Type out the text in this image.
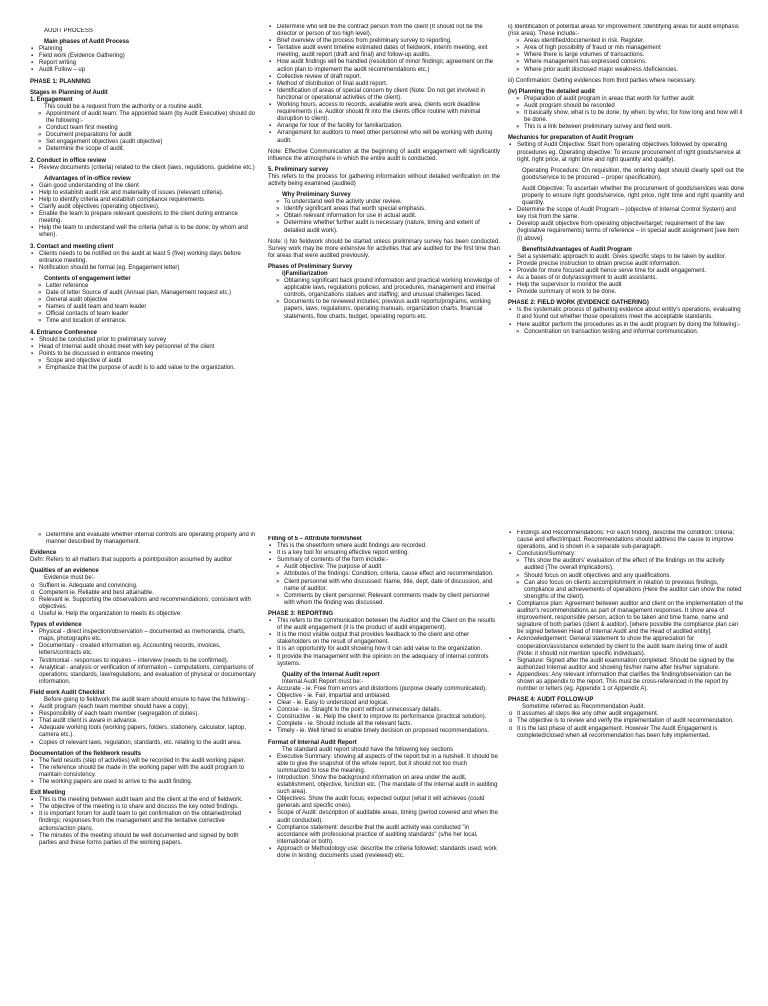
AUDIT PROCESS
Main phases of Audit Process
▪ Planning
▪ Field work (Evidence Gathering)
▪ Report writing
▪ Audit Follow – up
PHASE 1: PLANNING
Stages in Planning of Audit
1. Engagement
This could be a request from the authority or a routine audit.
» Appointment of audit team: The appointed team (by Audit Executive) should do the following:-
» Conduct team first meeting
» Document preparations for audit
» Set engagement objectives (audit objective)
» Determine the scope of audit.
2. Conduct in office review
▪ Review documents (criteria) related to the client (laws, regulations, guideline etc.)
Advantages of in-office review
▪ Gain good understanding of the client
▪ Help to establish audit risk and materiality of issues (relevant criteria).
▪ Help to identify criteria and establish compliance requirements
▪ Clarify audit objectives (operating objectives).
▪ Enable the team to prepare relevant questions to the client during entrance meeting.
▪ Help the team to understand well the criteria (what is to be done; by whom and when).
3. Contact and meeting client
▪ Clients needs to be notified on the audit at least 5 (five) working days before entrance meeting.
▪ Notification should be formal (eg. Engagement letter)
Contents of engagement letter
» Letter reference
» Date of letter Source of audit (Annual plan, Management request etc.)
» General audit objective
» Names of audit team and team leader
» Official contacts of team leader
» Time and location of entrance.
4. Entrance Conference
▪ Should be conducted prior to preliminary survey
▪ Head of Internal audit should meet with key personnel of the client
▪ Points to be discussed in entrance meeting
» Scope and objective of audit
» Emphasize that the purpose of audit is to add value to the organization.
▪ Determine who will be the contract person from the client (It should not be the director or person of too high level).
▪ Brief overview of the process from preliminary survey to reporting.
▪ Tentative audit event timeline estimated dates of fieldwork, interim meeting, exit meeting, audit report (draft and final) and follow-up audits.
▪ How audit findings will be handled (resolution of minor findings; agreement on the action plan to implement the audit recommendations etc.)
▪ Collective review of draft report.
▪ Method of distribution of final audit report.
▪ Identification of areas of special concern by client (Note: Do not get involved in functional or operational activities of the client).
▪ Working hours, access to records, available work area, clients work deadline requirements (i.e. Auditor should fit into the clients office routine with minimal disruption to client).
▪ Arrange for tour of the facility for familiarization.
▪ Arrangement for auditors to meet other personnel who will be working with during audit.
Note: Effective Communication at the beginning of audit engagement will significantly influence the atmosphere in which the entire audit is conducted.
5. Preliminary survey
This refers to the process for gathering information without detailed verification on the activity being examined (audited)
Why Preliminary Survey
» To understand well the activity under review.
» Identify significant areas that worth special emphasis.
» Obtain relevant information for use in actual audit.
» Determine whether further audit is necessary (nature, timing and extent of detailed audit work).
Note: i) No fieldwork should be started unless preliminary survey has been conducted. Survey work may be more extensive for activities that are audited for the first time than for areas that were audited previously.
Phases of Preliminary Survey
i)Familiarization
» Obtaining significant back ground information and practical working knowledge of applicable laws, regulations policies, and procedures, management and internal controls, organizations statues and staffing; and unusual challenges faced.
» Documents to be reviewed includes; previous audit reports/programs, working papers, laws, regulations, operating manuals, organization charts, financial statements, flow charts, budget, operating reports etc.
ii) Identification of potential areas for improvement :Identifying areas for audit emphasis (risk area). These include:-
» Areas identified/documented in risk. Register.
» Area of high possibility of fraud or mis management
» Where there is large volumes of transactions.
» Where management has expressed concerns.
» Where prior audit disclosed major weakness /deficiencies.
iii) Confirmation: Getting evidences from third parties where necessary.
(iv) Planning the detailed audit
» Preparation of audit program in areas that worth for further audit
» Audit program should be recorded
» It basically show, what is to be done; by when; by who; for how long and how will it be done.
» This is a link between preliminary survey and field work.
Mechanics for preparation of Audit Program
▪ Setting of Audit Objective: Start from operating objectives followed by operating procedures eg. Operating objective: To ensure procurement of right goods/service at right, right price, at right time and right quantity and quality).
Operating Procedure: On requisition, the ordering dept should clearly spell out the goods/service to be procured – proper specification).
Audit Objective: To ascertain whether the procurement of goods/services was done properly to ensure right goods/service, right price, right time and right quantity and quantity.
▪ Determine the scope of Audit Program – (objective of Internal Control System) and key risk from the same.
▪ Develop audit objective from operating objective/target; requirement of the law (legislative requirements) terms of reference – in special audit assignment [see item (i) above].
Benefits/Advantages of Audit Program
▪ Set a systematic approach to audit. Gives specific steps to be taken by auditor.
▪ Provide precise instruction to obtain precise audit information.
▪ Provide for more focused audit hence serve time for audit engagement.
▪ As a bases of or duty/assignment to audit assistants.
▪ Help the supervisor to monitor the audit
▪ Provide summary of work to be done.
PHASE 2: FIELD WORK (EVIDENCE GATHERING)
▪ Is the systematic process of gathering evidence about entity's operations, evaluating it and found out whether those operations meet the acceptable standards.
▪ Here auditor perform the procedures as in the audit program by doing the following:-
» Concentration on transaction testing and informal communication.
» Determine and evaluate whether internal controls are operating properly and in manner described by management.
Evidence
Defn: Refers to all matters that supports a point/position assumed by auditor
Qualities of an evidence
Evidence must be:-
o Suffient ie. Adequate and convincing.
o Competent ie. Reliable and best attainable.
o Relevant ie. Supporting the observations and recommendations; consistent with objectives.
o Useful ie. Help the organization to meets its objective.
Types of evidence
▪ Physical - direct inspection/observation – documented as memoranda, charts, maps, photographs etc.
▪ Documentary - created information eg. Accounting records, invoices, letters/contracts etc.
▪ Testimonial - responses to inquires – interview (needs to be confirmed).
▪ Analytical - analysis or verification of information – computations, comparisons of operations; standards, law/regulations, and evaluation of physical or documentary information.
Field work Audit Checklist
Before going to fieldwork the audit team should ensure to have the following:-
▪ Audit program (each team member should have a copy).
▪ Responsibility of each team member (segregation of duties).
▪ That audit client is aware in advance.
▪ Adequate working tools (working papers, folders, stationery, calculator, laptop, camera etc.).
▪ Copies of relevant laws, regulation, standards, etc. relating to the audit area.
Documentation of the fieldwork results
▪ The field results (step of activities) will be recorded in the audit working paper.
▪ The reference should be made in the working paper with the audit program to maintain consistency.
▪ The working papers are used to arrive to the audit finding.
Exit Meeting
▪ This is the meeting between audit team and the client at the end of fieldwork.
▪ The objective of the meeting is to share and discuss the key noted findings.
▪ It is important forum for audit team to get confirmation on the obtained/noted findings; responses from the management and the tentative corrective actions/action plans.
▪ The minutes of the meeting should be well documented and signed by both parties and these forms parties of the working papers.
Filling of 5 – Attribute form/sheet
▪ This is the sheet/form where audit findings are recorded.
▪ It is a key tool for ensuring effective report writing.
▪ Summary of contents of the form include:-
» Audit objective: The purpose of audit
» Attributes of the findings: Condition, criteria, cause effect and recommendation.
» Client personnel with who discussed: Name, title, dept, date of discussion, and name of auditor.
» Comments by client personnel: Relevant comments made by client personnel with whom the finding was discussed.
PHASE 3: REPORTING
▪ This refers to the communication between the Auditor and the Client on the results of the audit engagement (it is the product of audit engagement).
▪ It is the most visible output that provides feedback to the client and other stakeholders on the result of engagement.
▪ It is an opportunity for audit showing how it can add value to the organization.
▪ It provide the management with the opinion on the adequacy of internal controls systems.
Quality of the Internal Audit report
Internal Audit Report must be:-
▪ Accurate - ie. Free from errors and distortions (purpose clearly communicated).
▪ Objective - ie. Fair, impartial and unbiased.
▪ Clear - ie. Easy to understood and logical.
▪ Concise - ie. Straight to the point without unnecessary details.
▪ Constructive - ie. Help the client to improve its performance (practical solution).
▪ Complete - ie. Should include all the relevant facts.
▪ Timely - ie. Well timed to enable timely decision on proposed recommendations.
Format of Internal Audit Report
The standard audit report should have the following key sections
▪ Executive Summary: showing all aspects of the report but in a nutshell. It should be able to give the snapshot of the whole report, but it should not too much summarized to lose the meaning.
▪ Introduction: Show the background information on area under the audit, establishment, objective, function etc. (The mandate of the internal audit in auditing such area).
▪ Objectives: Show the audit focus, expected output (what it will achieves (could generals and specific ones).
▪ Scope of Audit: description of auditable areas, timing (period covered and when the audit conducted).
▪ Compliance statement: describe that the audit activity was conducted "in accordance with professional practice of auditing standards" (s/he her local, international or both).
▪ Approach or Methodology use: describe the criteria followed; standards used; work done in testing; documents used (reviewed) etc.
▪ Findings and Recommendations: For each finding, describe the condition; criteria; cause and effect/impact. Recommendations should address the cause to improve operations, and is shown in a separate sub-paragraph.
▪ Conclusion/Summary:
» This show the auditors' evaluation of the effect of the findings on the activity audited (The overall implications).
» Should focus on audit objectives and any qualifications.
» Can also focus on clients accomplishment in relation to previous findings, compliance and achievements of operations (Here the auditor can show the noted strengths of the client).
▪ Compliance plan: Agreement between auditor and client on the implementation of the auditor's recommendations as part of management responses. It show area of improvement, responsible person, action to be taken and time frame, name and signature of both parties (client & auditor). [where possible the compliance plan can be signed between Head of Internal Audit and the Head of audited entity].
▪ Acknowledgement: General statement to show the appreciation for cooperation/assistance extended by client to the audit team during time of audit (Note: it should not mention specific individuals).
▪ Signature: Signed after the audit examination completed. Should be signed by the authorized Internal auditor and showing his/her name after his/her signature.
▪ Appendixes: Any relevant information that clarifies the finding/observation can be shown as appendix to the report. This must be cross-referenced in the report by number or letters (eg. Appendix 1 or Appendix A).
PHASE 4: AUDIT FOLLOW-UP
Sometime referred as Recommendation Audit.
o It assumes all steps like any other audit engagement.
o The objective is to review and verify the implementation of audit recommendation.
o It is the last phase of audit engagement. However The Audit Engagement is completed/closed when all recommendation has been fully implemented.
